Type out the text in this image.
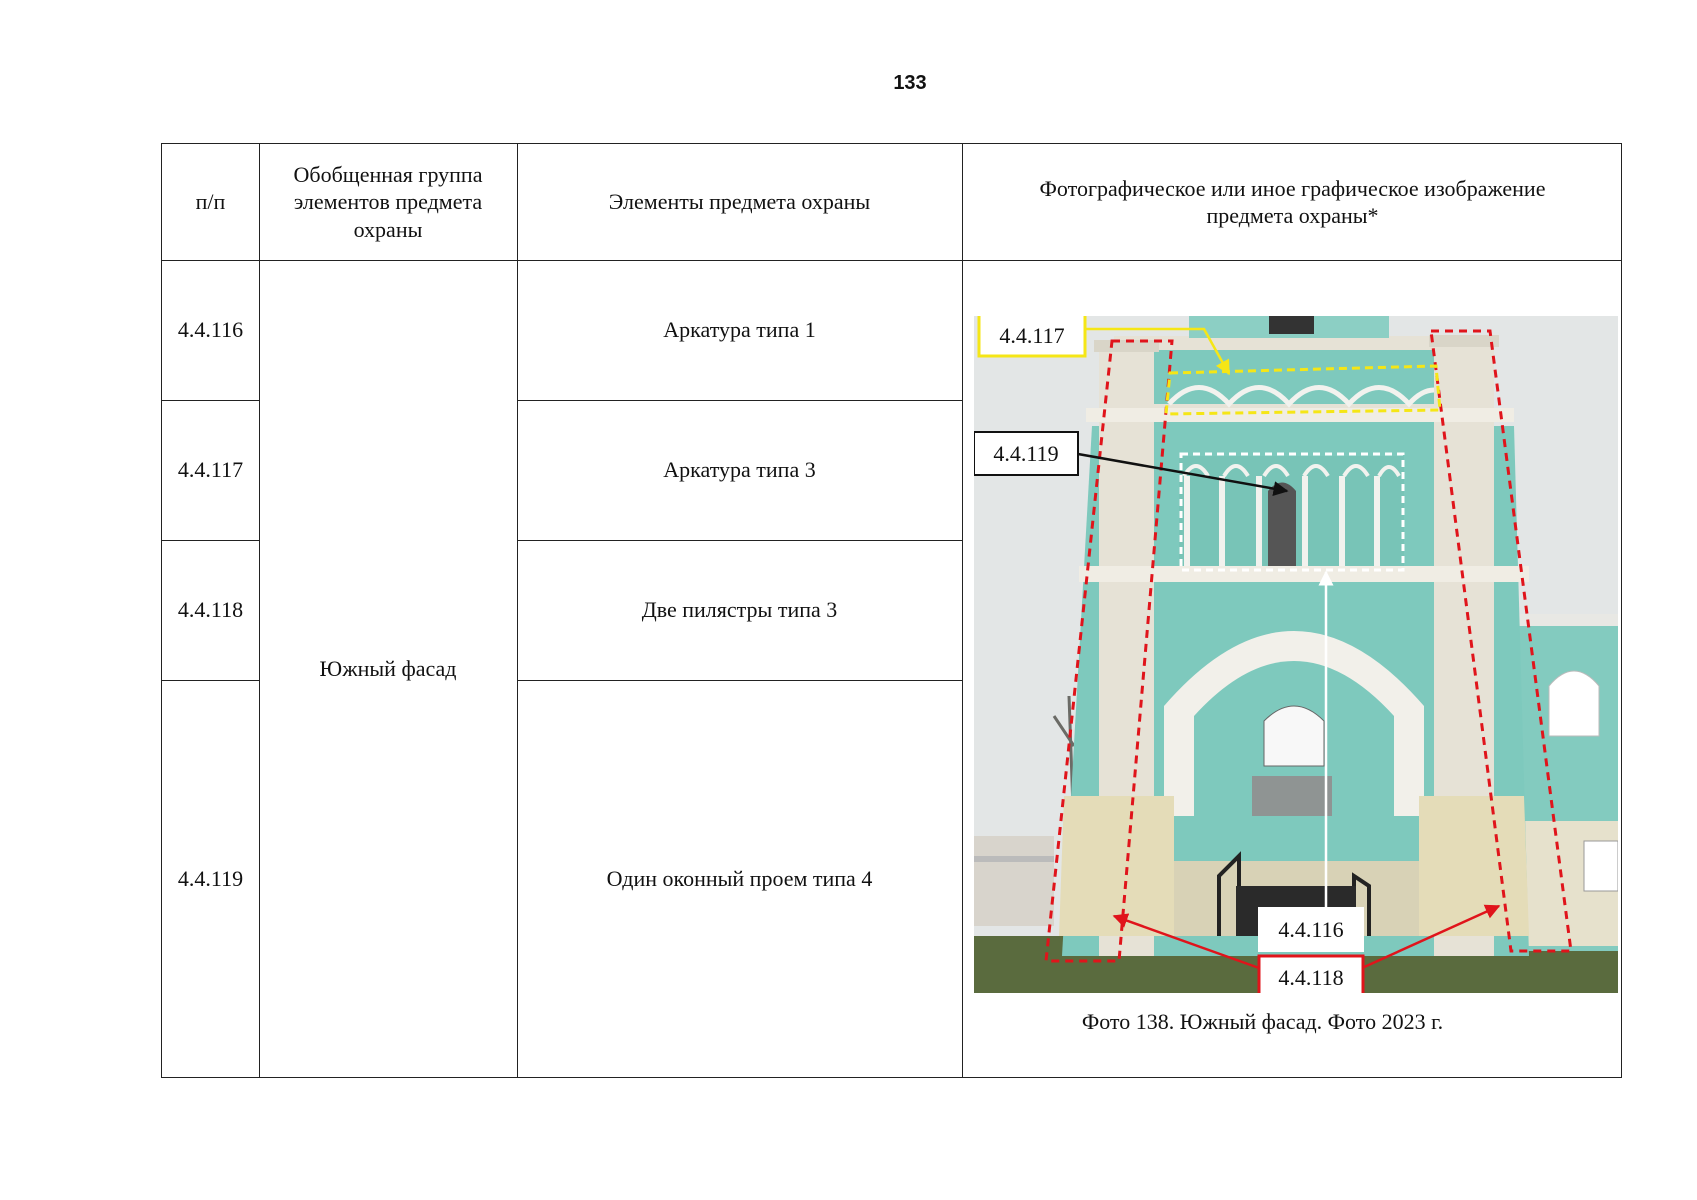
133
п/п
Обобщенная группа элементов предмета охраны
Элементы предмета охраны
Фотографическое или иное графическое изображение предмета охраны*
4.4.116
4.4.117
4.4.118
4.4.119
Южный фасад
Аркатура типа 1
Аркатура типа 3
Две пилястры типа 3
Один оконный проем типа 4
4.4.117
4.4.119
4.4.116
4.4.118
Фото 138. Южный фасад. Фото 2023 г.
